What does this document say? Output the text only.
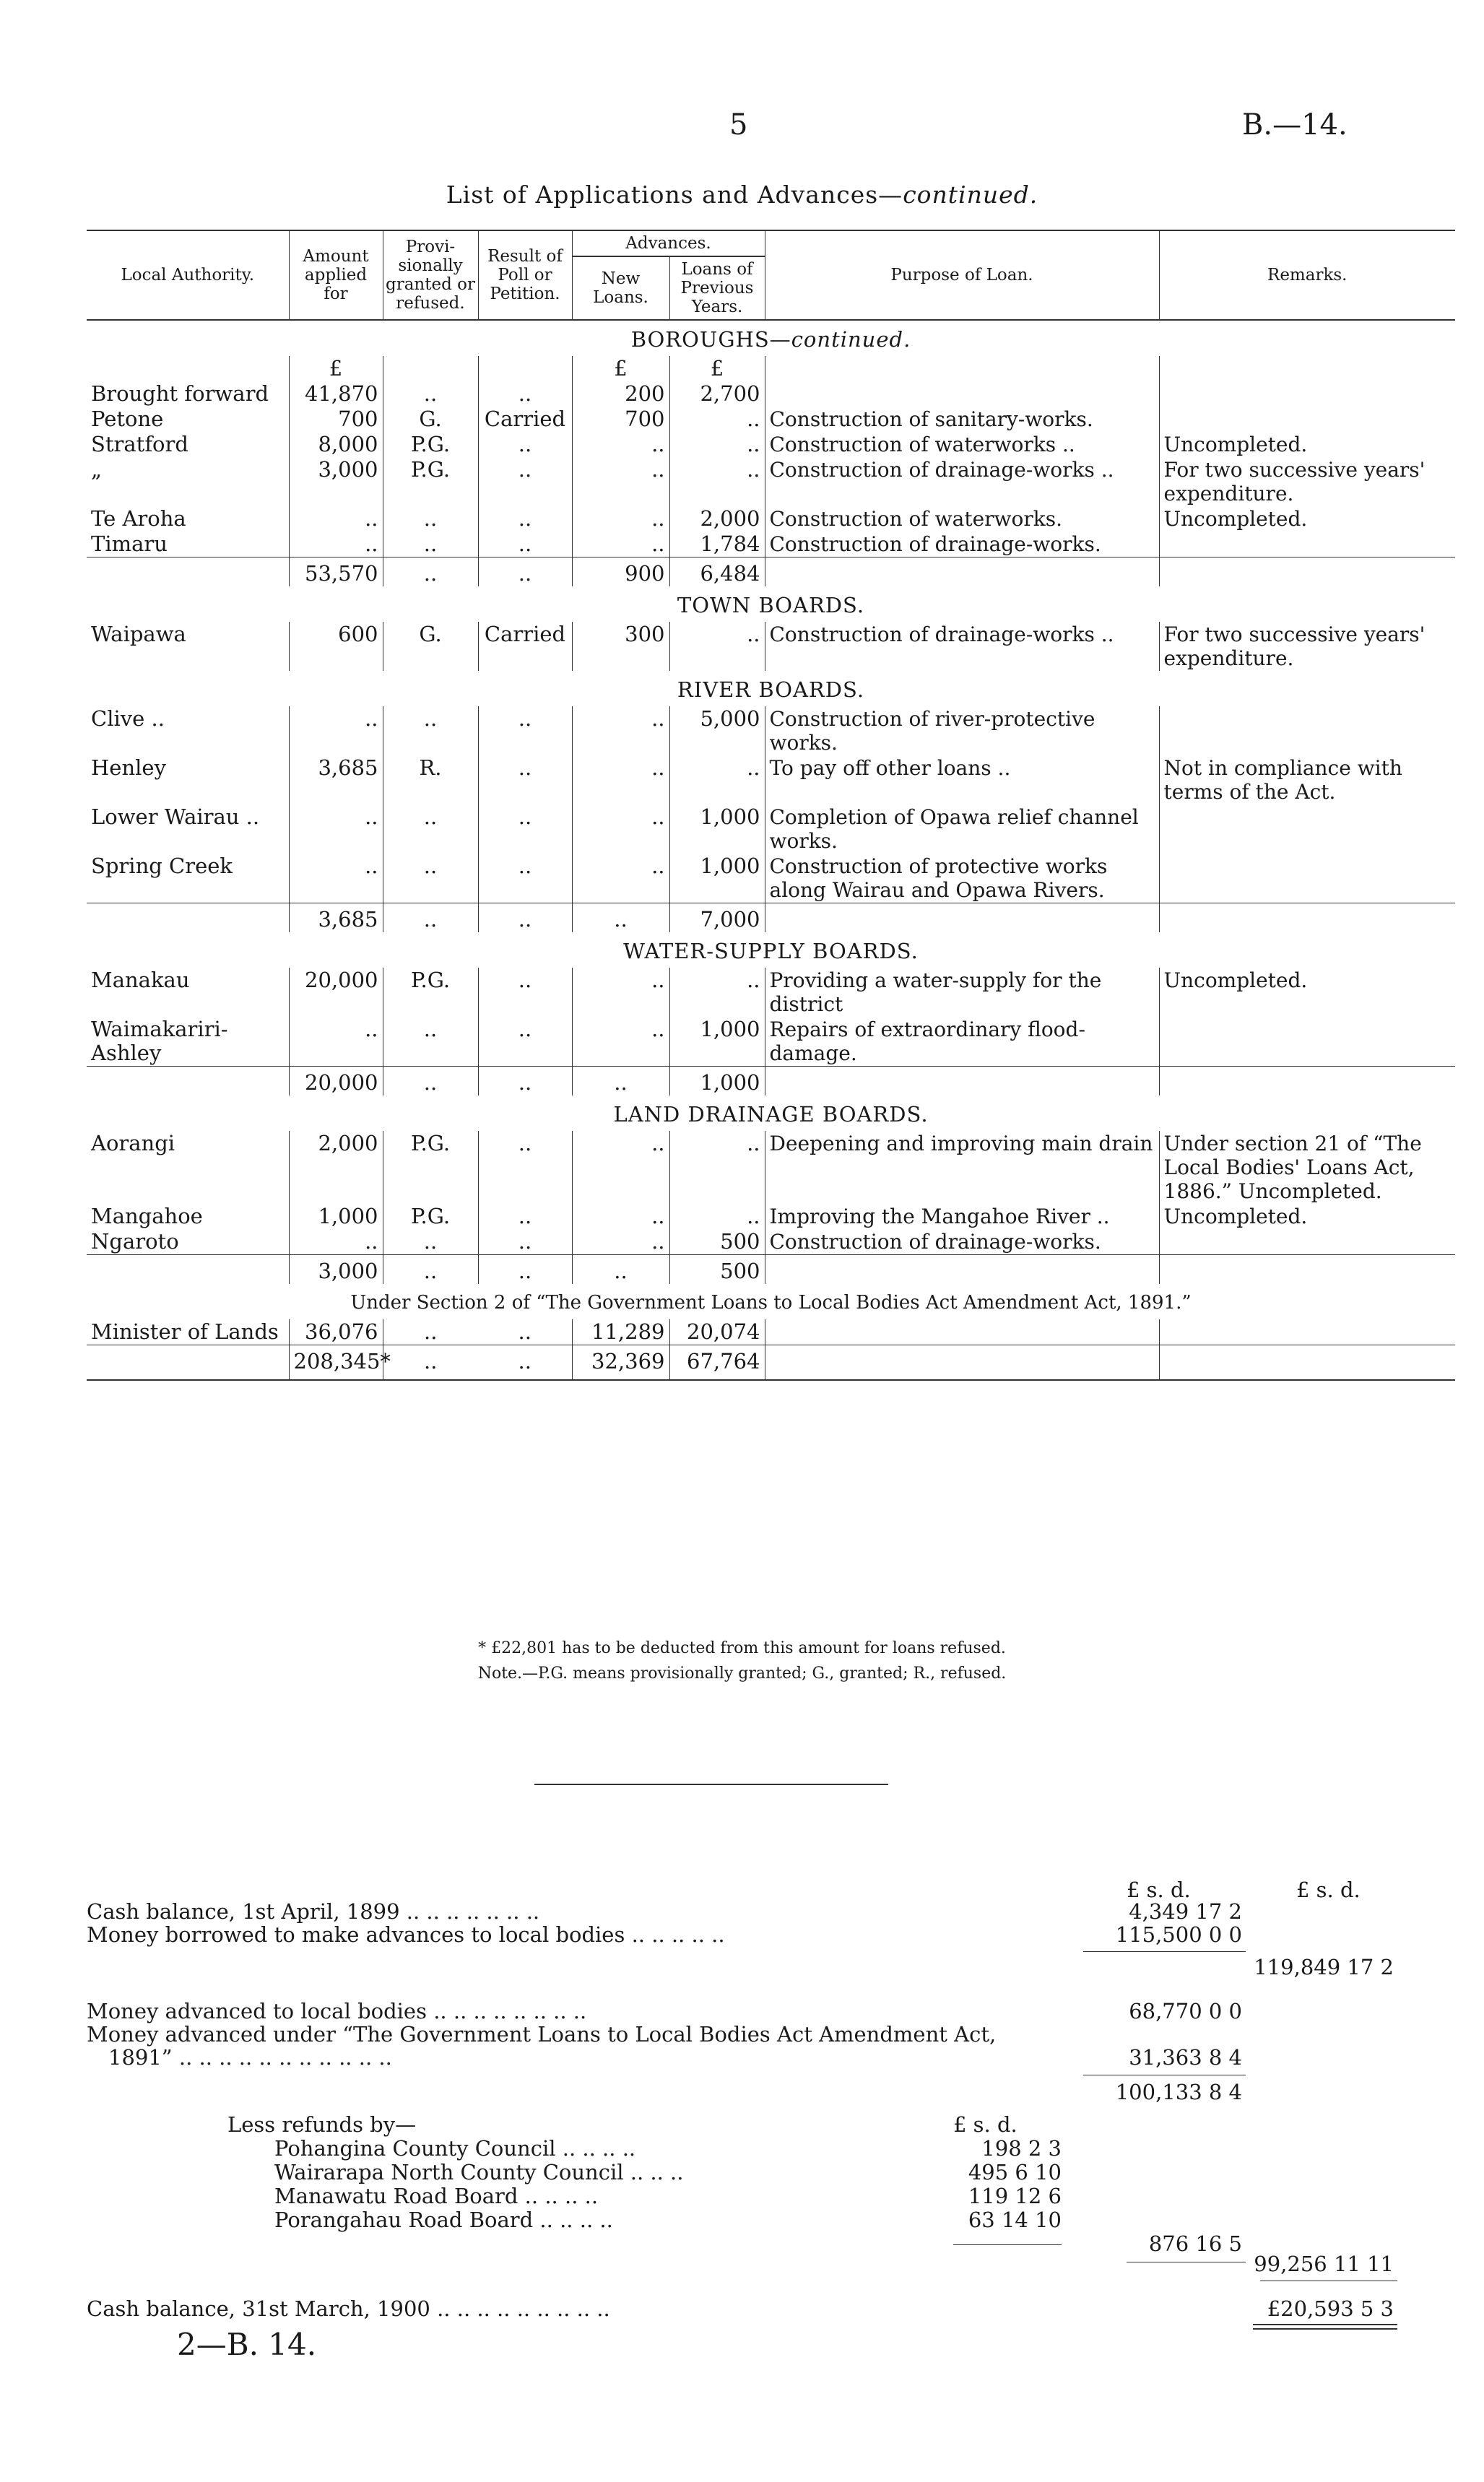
5	B.—14.
List of Applications and Advances—continued.
Local Authority.	Amount applied for	Provi- sionally granted or refused.	Result of Poll or Petition.	Advances.		Purpose of Loan.	Remarks.
				New Loans.	Loans of Previous Years.		
BOROUGHS—continued.							
	£			£	£		
Brought forward	41,870	..	..	200	2,700		
Petone	700	G.	Carried	700	..	Construction of sanitary-works.	
Stratford	8,000	P.G.	..	..	..	Construction of waterworks ..	Uncompleted.
„	3,000	P.G.	..	..	..	Construction of drainage-works ..	For two successive years' expenditure.
Te Aroha	..	..	..	..	2,000	Construction of waterworks.	Uncompleted.
Timaru	..	..	..	..	1,784	Construction of drainage-works.	
	53,570	..	..	900	6,484		
TOWN BOARDS.							
Waipawa	600	G.	Carried	300	..	Construction of drainage-works ..	For two successive years' expenditure.
RIVER BOARDS.							
Clive ..	..	..	..	..	5,000	Construction of river-protective works.	
Henley	3,685	R.	..	..	..	To pay off other loans ..	Not in compliance with terms of the Act.
Lower Wairau ..	..	..	..	..	1,000	Completion of Opawa relief channel works.	
Spring Creek	..	..	..	..	1,000	Construction of protective works along Wairau and Opawa Rivers.	
	3,685	..	..	..	7,000		
WATER-SUPPLY BOARDS.							
Manakau	20,000	P.G.	..	..	..	Providing a water-supply for the district	Uncompleted.
Waimakariri-Ashley	..	..	..	..	1,000	Repairs of extraordinary flood-damage.	
	20,000	..	..	..	1,000		
LAND DRAINAGE BOARDS.							
Aorangi	2,000	P.G.	..	..	..	Deepening and improving main drain	Under section 21 of “The Local Bodies' Loans Act, 1886.” Uncompleted.
Mangahoe	1,000	P.G.	..	..	..	Improving the Mangahoe River ..	Uncompleted.
Ngaroto	..	..	..	..	500	Construction of drainage-works.	
	3,000	..	..	..	500		
Under Section 2 of “The Government Loans to Local Bodies Act Amendment Act, 1891.”							
Minister of Lands	36,076	..	..	11,289	20,074		
	208,345*	..	..	32,369	67,764		

* £22,801 has to be deducted from this amount for loans refused.
Note.—P.G. means provisionally granted; G., granted; R., refused.
£ s. d.	£ s. d.
Cash balance, 1st April, 1899 .. .. .. .. .. .. ..	4,349 17 2
Money borrowed to make advances to local bodies .. .. .. .. ..	115,500 0 0
119,849 17 2
Money advanced to local bodies .. .. .. .. .. .. .. ..	68,770 0 0
Money advanced under “The Government Loans to Local Bodies Act Amendment Act,
1891” .. .. .. .. .. .. .. .. .. .. ..	31,363 8 4
100,133 8 4
Less refunds by—	£ s. d.
Pohangina County Council .. .. .. ..	198 2 3
Wairarapa North County Council .. .. ..	495 6 10
Manawatu Road Board .. .. .. ..	119 12 6
Porangahau Road Board .. .. .. ..	63 14 10
876 16 5
99,256 11 11
Cash balance, 31st March, 1900 .. .. .. .. .. .. .. .. ..	£20,593 5 3
2—B. 14.
